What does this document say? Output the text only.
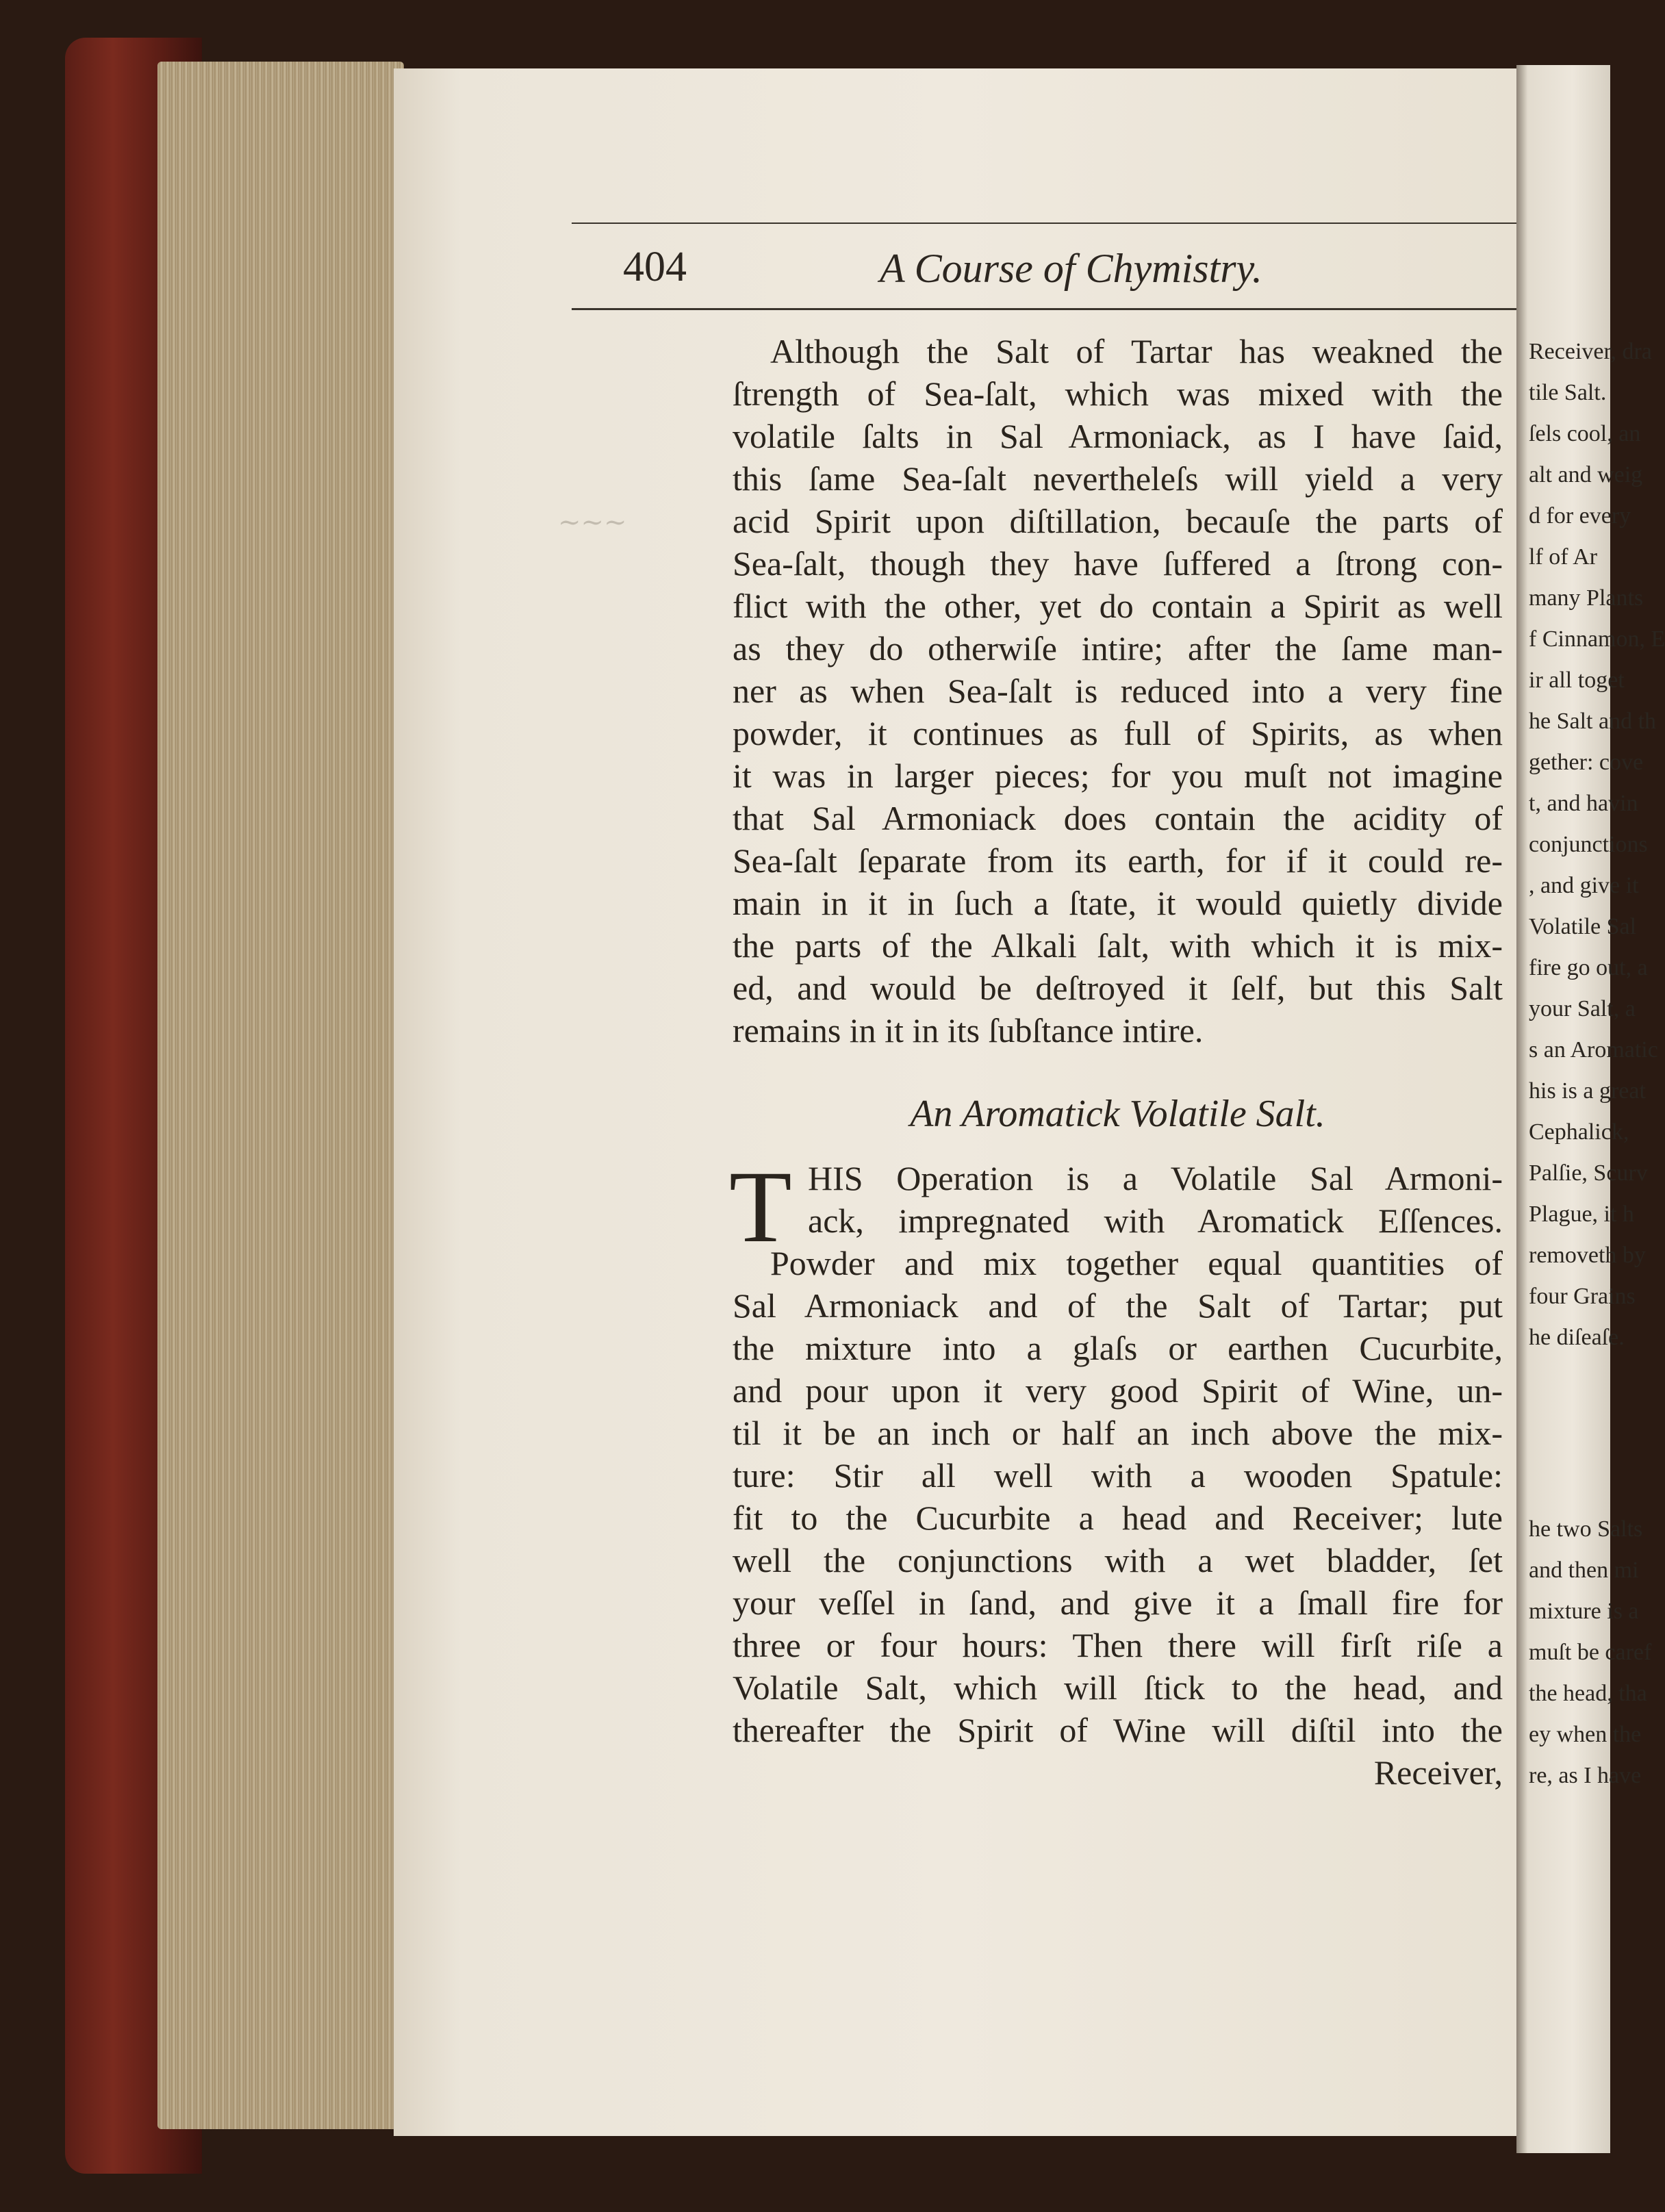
~~~
404	A Course of Chymistry.
Although the Salt of Tartar has weakned the
ſtrength of Sea-ſalt, which was mixed with the
volatile ſalts in Sal Armoniack, as I have ſaid,
this ſame Sea-ſalt nevertheleſs will yield a very
acid Spirit upon diſtillation, becauſe the parts of
Sea-ſalt, though they have ſuffered a ſtrong con-
flict with the other, yet do contain a Spirit as well
as they do otherwiſe intire; after the ſame man-
ner as when Sea-ſalt is reduced into a very fine
powder, it continues as full of Spirits, as when
it was in larger pieces; for you muſt not imagine
that Sal Armoniack does contain the acidity of
Sea-ſalt ſeparate from its earth, for if it could re-
main in it in ſuch a ſtate, it would quietly divide
the parts of the Alkali ſalt, with which it is mix-
ed, and would be deſtroyed it ſelf, but this Salt
remains in it in its ſubſtance intire.
An Aromatick Volatile Salt.
T HIS Operation is a Volatile Sal Armoni-
ack, impregnated with Aromatick Eſſences.
Powder and mix together equal quantities of
Sal Armoniack and of the Salt of Tartar; put
the mixture into a glaſs or earthen Cucurbite,
and pour upon it very good Spirit of Wine, un-
til it be an inch or half an inch above the mix-
ture: Stir all well with a wooden Spatule:
fit to the Cucurbite a head and Receiver; lute
well the conjunctions with a wet bladder, ſet
your veſſel in ſand, and give it a ſmall fire for
three or four hours: Then there will firſt riſe a
Volatile Salt, which will ſtick to the head, and
thereafter the Spirit of Wine will diſtil into the
Receiver,
Receiver, dra
tile Salt.
ſels cool, an
alt and weig
d for every
lf of Ar
many Plants
f Cinnamon, E
ir all toget
he Salt and th
gether: cove
t, and havin
conjunctions
, and give it
Volatile Sal
fire go out, a
your Salt, a
s an Aromatic
his is a great
Cephalick,
Palſie, Scurv
Plague, it h
removeth by
four Grains
he diſeaſe.
he two Salts
and then mi
mixture is a
muſt be caref
the head, tha
ey when the
re, as I have
